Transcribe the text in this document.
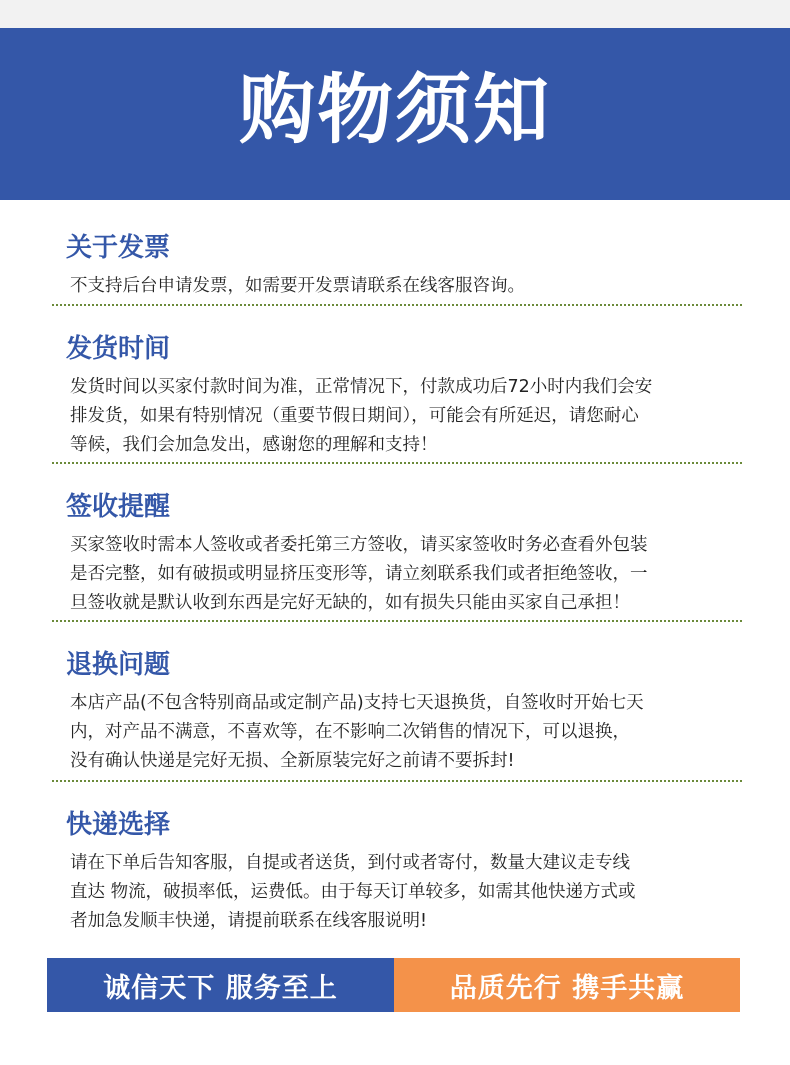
购物须知
关于发票

不支持后台申请发票，如需要开发票请联系在线客服咨询。

发货时间

发货时间以买家付款时间为准，正常情况下，付款成功后72小时内我们会安

排发货，如果有特别情况（重要节假日期间），可能会有所延迟，请您耐心

等候，我们会加急发出，感谢您的理解和支持！

签收提醒

买家签收时需本人签收或者委托第三方签收，请买家签收时务必查看外包装

是否完整，如有破损或明显挤压变形等，请立刻联系我们或者拒绝签收，一

旦签收就是默认收到东西是完好无缺的，如有损失只能由买家自己承担！

退换问题

本店产品(不包含特别商品或定制产品)支持七天退换货，自签收时开始七天

内，对产品不满意，不喜欢等，在不影响二次销售的情况下，可以退换，

没有确认快递是完好无损、全新原装完好之前请不要拆封!

快递选择

请在下单后告知客服，自提或者送货，到付或者寄付，数量大建议走专线

直达 物流，破损率低，运费低。由于每天订单较多，如需其他快递方式或

者加急发顺丰快递，请提前联系在线客服说明!

诚信天下 服务至上	品质先行 携手共赢
